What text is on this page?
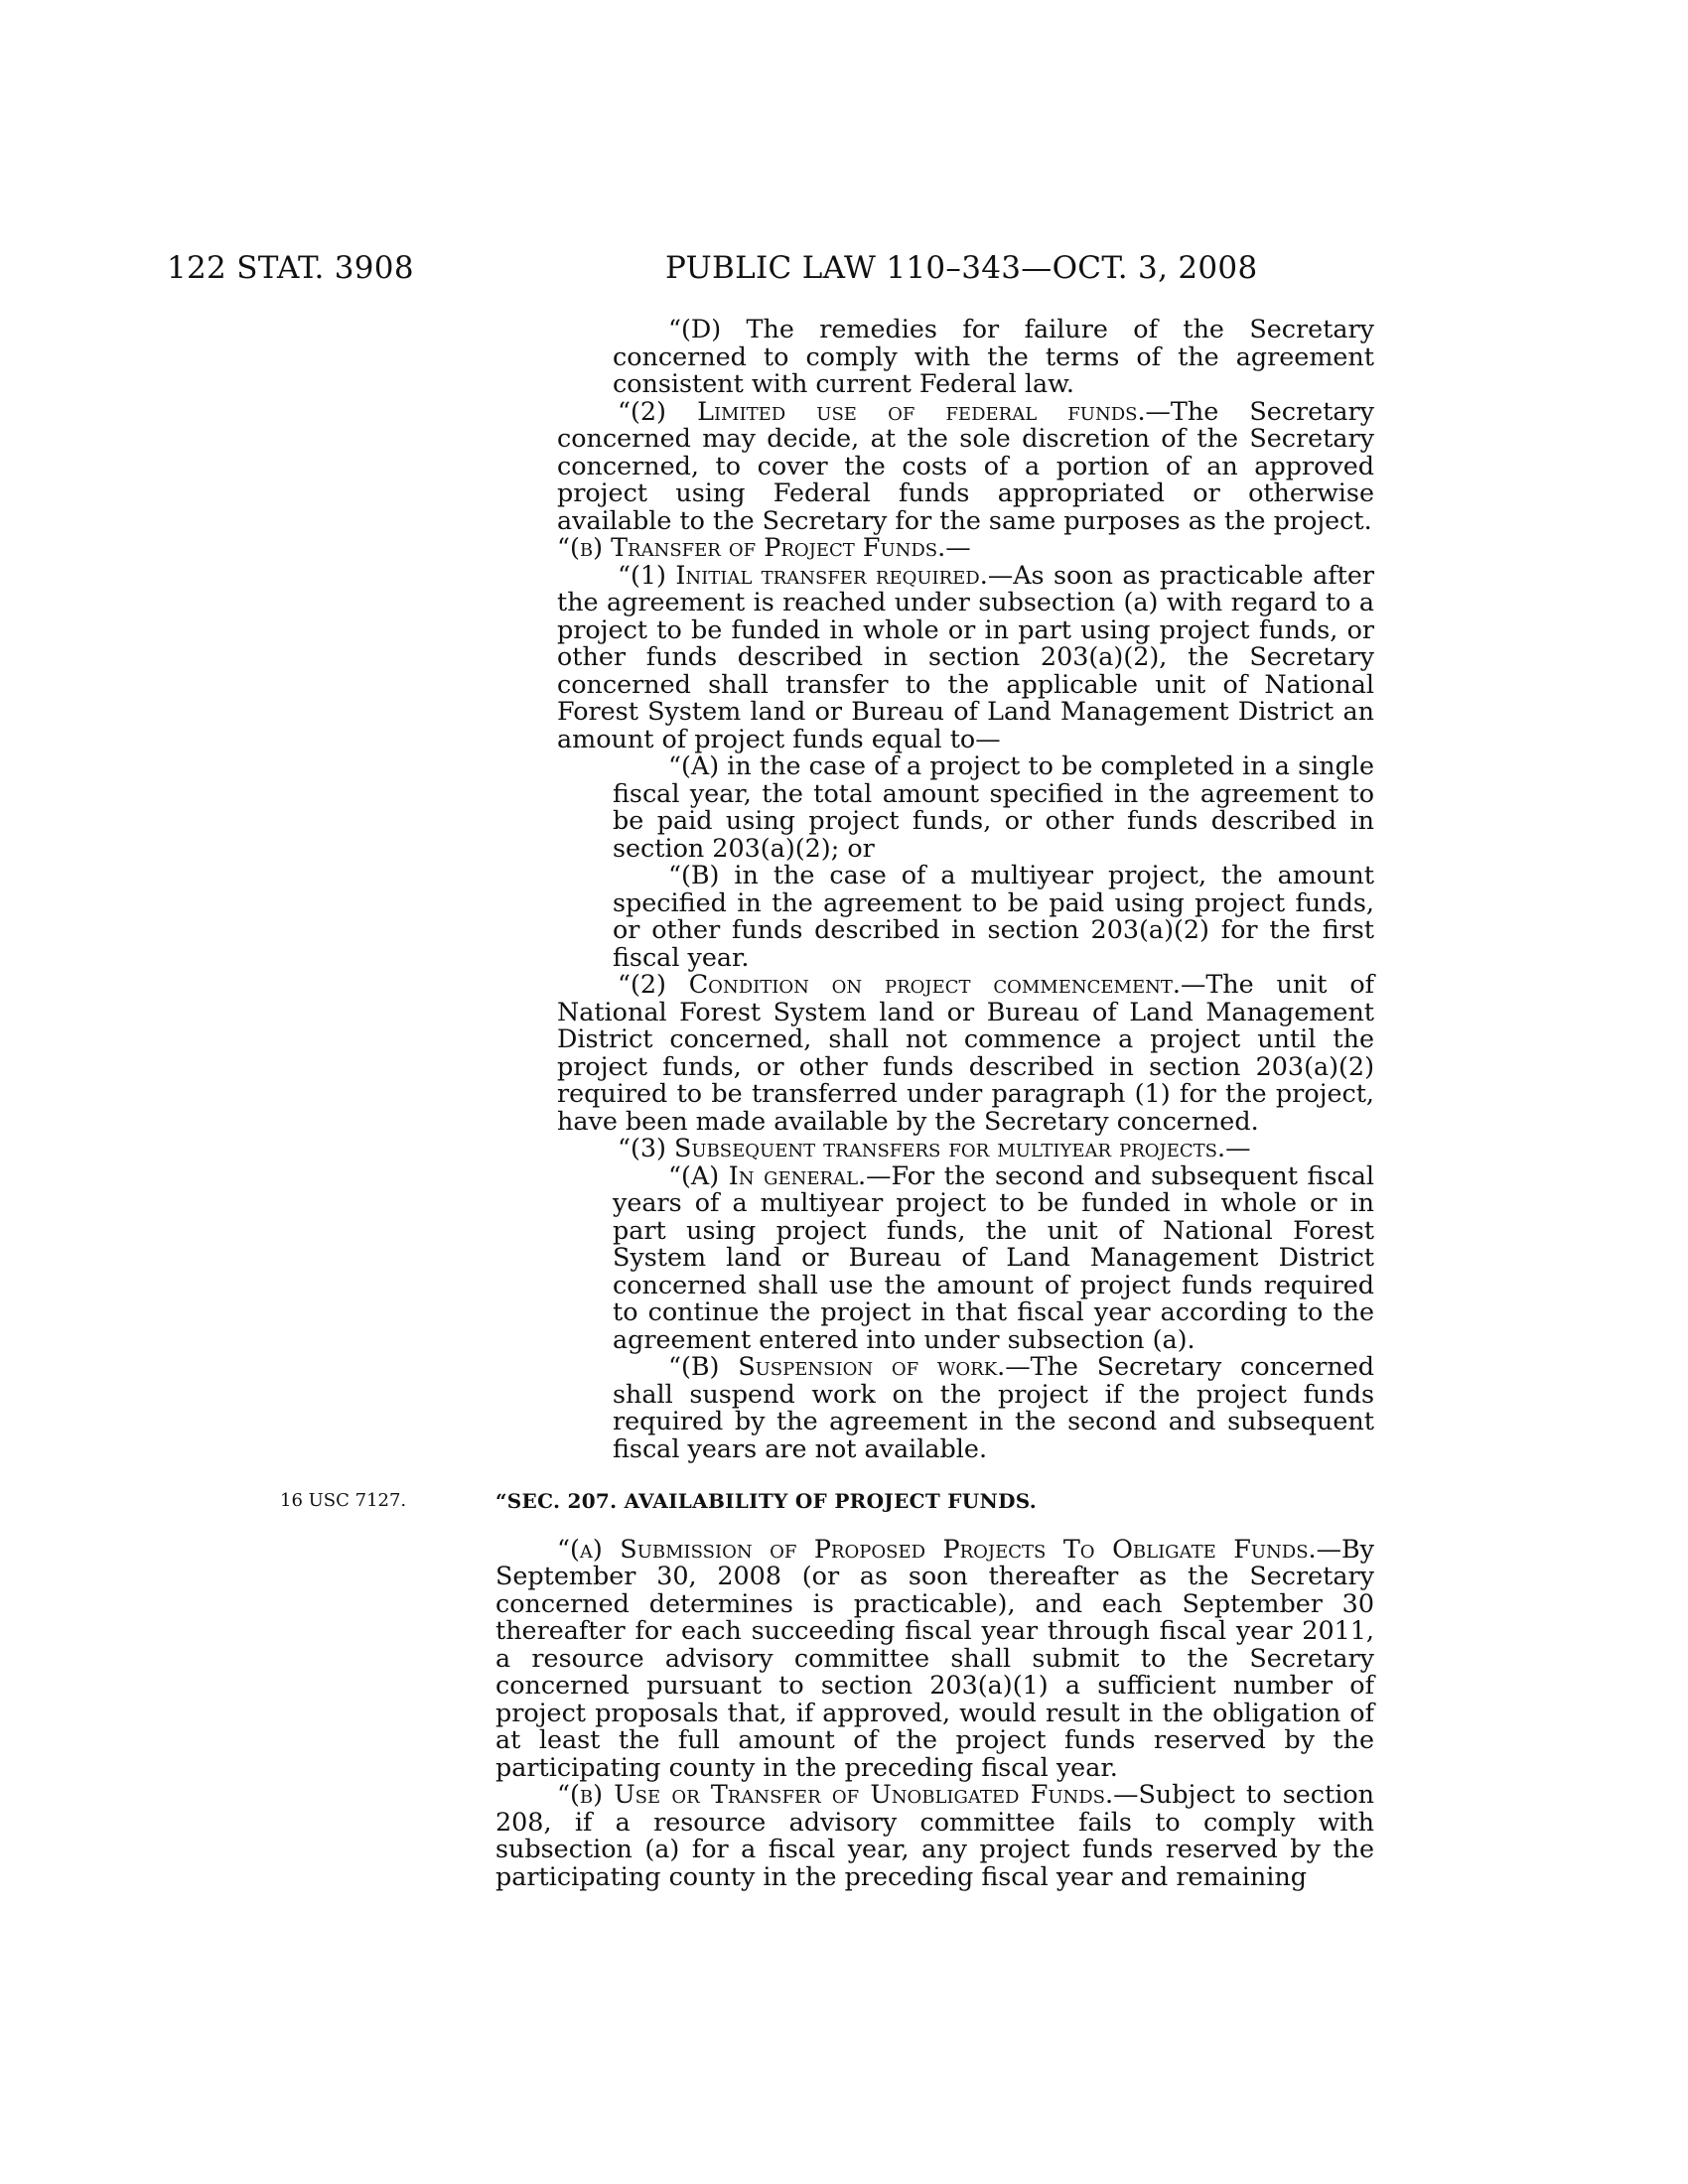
122 STAT. 3908	PUBLIC LAW 110–343—OCT. 3, 2008
16 USC 7127.

“(D) The remedies for failure of the Secretary concerned to comply with the terms of the agreement consistent with current Federal law.

“(2) Limited use of federal funds.—The Secretary concerned may decide, at the sole discretion of the Secretary concerned, to cover the costs of a portion of an approved project using Federal funds appropriated or otherwise available to the Secretary for the same purposes as the project.

“(b) Transfer of Project Funds.—

“(1) Initial transfer required.—As soon as practicable after the agreement is reached under subsection (a) with regard to a project to be funded in whole or in part using project funds, or other funds described in section 203(a)(2), the Secretary concerned shall transfer to the applicable unit of National Forest System land or Bureau of Land Management District an amount of project funds equal to—

“(A) in the case of a project to be completed in a single fiscal year, the total amount specified in the agreement to be paid using project funds, or other funds described in section 203(a)(2); or

“(B) in the case of a multiyear project, the amount specified in the agreement to be paid using project funds, or other funds described in section 203(a)(2) for the first fiscal year.

“(2) Condition on project commencement.—The unit of National Forest System land or Bureau of Land Management District concerned, shall not commence a project until the project funds, or other funds described in section 203(a)(2) required to be transferred under paragraph (1) for the project, have been made available by the Secretary concerned.

“(3) Subsequent transfers for multiyear projects.—

“(A) In general.—For the second and subsequent fiscal years of a multiyear project to be funded in whole or in part using project funds, the unit of National Forest System land or Bureau of Land Management District concerned shall use the amount of project funds required to continue the project in that fiscal year according to the agreement entered into under subsection (a).

“(B) Suspension of work.—The Secretary concerned shall suspend work on the project if the project funds required by the agreement in the second and subsequent fiscal years are not available.

“SEC. 207. AVAILABILITY OF PROJECT FUNDS.

“(a) Submission of Proposed Projects To Obligate Funds.—By September 30, 2008 (or as soon thereafter as the Secretary concerned determines is practicable), and each September 30 thereafter for each succeeding fiscal year through fiscal year 2011, a resource advisory committee shall submit to the Secretary concerned pursuant to section 203(a)(1) a sufficient number of project proposals that, if approved, would result in the obligation of at least the full amount of the project funds reserved by the participating county in the preceding fiscal year.

“(b) Use or Transfer of Unobligated Funds.—Subject to section 208, if a resource advisory committee fails to comply with subsection (a) for a fiscal year, any project funds reserved by the participating county in the preceding fiscal year and remaining
